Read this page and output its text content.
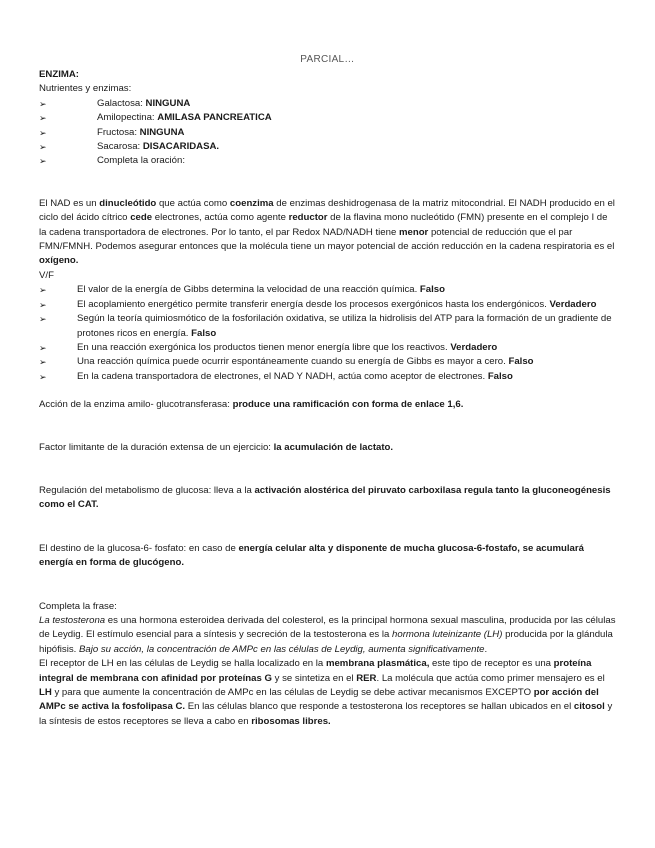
PARCIAL…

ENZIMA:

Nutrientes y enzimas:

➢	Galactosa: NINGUNA
➢	Amilopectina: AMILASA PANCREATICA
➢	Fructosa: NINGUNA
➢	Sacarosa: DISACARIDASA.
➢	Completa la oración:

El NAD es un dinucleótido que actúa como coenzima de enzimas deshidrogenasa de la matriz mitocondrial. El NADH producido en el ciclo del ácido cítrico cede electrones, actúa como agente reductor de la flavina mono nucleótido (FMN) presente en el complejo I de la cadena transportadora de electrones. Por lo tanto, el par Redox NAD/NADH tiene menor potencial de reducción que el par FMN/FMNH. Podemos asegurar entonces que la molécula tiene un mayor potencial de acción reducción en la cadena respiratoria es el oxígeno.

V/F

➢	El valor de la energía de Gibbs determina la velocidad de una reacción química. Falso
➢	El acoplamiento energético permite transferir energía desde los procesos exergónicos hasta los endergónicos. Verdadero
➢	Según la teoría quimiosmótico de la fosforilación oxidativa, se utiliza la hidrolisis del ATP para la formación de un gradiente de protones ricos en energía. Falso
➢	En una reacción exergónica los productos tienen menor energía libre que los reactivos. Verdadero
➢	Una reacción química puede ocurrir espontáneamente cuando su energía de Gibbs es mayor a cero. Falso
➢	En la cadena transportadora de electrones, el NAD Y NADH, actúa como aceptor de electrones. Falso

Acción de la enzima amilo- glucotransferasa: produce una ramificación con forma de enlace 1,6.

Factor limitante de la duración extensa de un ejercicio: la acumulación de lactato.

Regulación del metabolismo de glucosa: lleva a la activación alostérica del piruvato carboxilasa regula tanto la gluconeogénesis como el CAT.

El destino de la glucosa-6- fosfato: en caso de energía celular alta y disponente de mucha glucosa-6-fostafo, se acumulará energía en forma de glucógeno.

Completa la frase:

La testosterona es una hormona esteroidea derivada del colesterol, es la principal hormona sexual masculina, producida por las células de Leydig. El estímulo esencial para a síntesis y secreción de la testosterona es la hormona luteinizante (LH) producida por la glándula hipófisis. Bajo su acción, la concentración de AMPc en las células de Leydig, aumenta significativamente.

El receptor de LH en las células de Leydig se halla localizado en la membrana plasmática, este tipo de receptor es una proteína integral de membrana con afinidad por proteínas G y se sintetiza en el RER. La molécula que actúa como primer mensajero es el LH y para que aumente la concentración de AMPc en las células de Leydig se debe activar mecanismos EXCEPTO por acción del AMPc se activa la fosfolipasa C. En las células blanco que responde a testosterona los receptores se hallan ubicados en el citosol y la síntesis de estos receptores se lleva a cabo en ribosomas libres.
